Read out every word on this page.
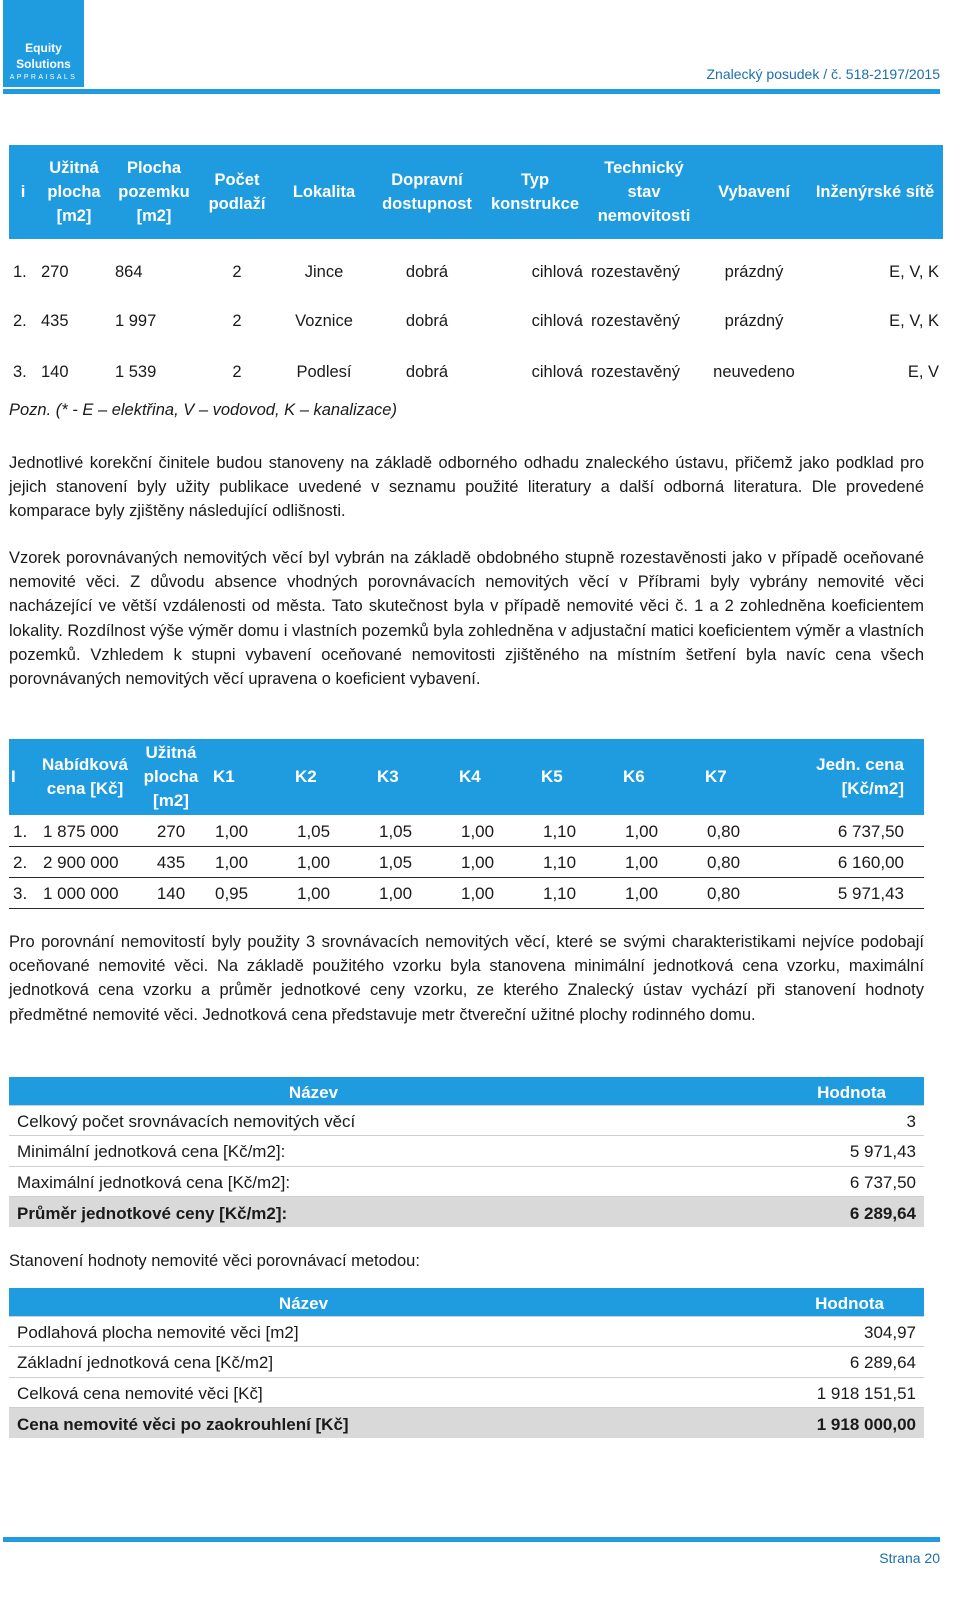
Equity
Solutions
APPRAISALS	Znalecký posudek / č. 518-2197/2015
i	Užitná plocha [m2]	Plocha pozemku [m2]	Počet podlaží	Lokalita	Dopravní dostupnost	Typ konstrukce	Technický stav nemovitosti	Vybavení	Inženýrské sítě
1.	270	864	2	Jince	dobrá	cihlová	rozestavěný	prázdný	E, V, K
2.	435	1 997	2	Voznice	dobrá	cihlová	rozestavěný	prázdný	E, V, K
3.	140	1 539	2	Podlesí	dobrá	cihlová	rozestavěný	neuvedeno	E, V
Pozn. (* - E – elektřina, V – vodovod, K – kanalizace)

Jednotlivé korekční činitele budou stanoveny na základě odborného odhadu znaleckého ústavu, přičemž jako podklad pro jejich stanovení byly užity publikace uvedené v seznamu použité literatury a další odborná literatura. Dle provedené komparace byly zjištěny následující odlišnosti.

Vzorek porovnávaných nemovitých věcí byl vybrán na základě obdobného stupně rozestavěnosti jako v případě oceňované nemovité věci. Z důvodu absence vhodných porovnávacích nemovitých věcí v Příbrami byly vybrány nemovité věci nacházející ve větší vzdálenosti od města. Tato skutečnost byla v případě nemovité věci č. 1 a 2 zohledněna koeficientem lokality. Rozdílnost výše výměr domu i vlastních pozemků byla zohledněna v adjustační matici koeficientem výměr a vlastních pozemků. Vzhledem k stupni vybavení oceňované nemovitosti zjištěného na místním šetření byla navíc cena všech porovnávaných nemovitých věcí upravena o koeficient vybavení.

I	Nabídková cena [Kč]	Užitná plocha [m2]	K1	K2	K3	K4	K5	K6	K7	Jedn. cena [Kč/m2]
1.	1 875 000	270	1,00	1,05	1,05	1,00	1,10	1,00	0,80	6 737,50
2.	2 900 000	435	1,00	1,00	1,05	1,00	1,10	1,00	0,80	6 160,00
3.	1 000 000	140	0,95	1,00	1,00	1,00	1,10	1,00	0,80	5 971,43

Pro porovnání nemovitostí byly použity 3 srovnávacích nemovitých věcí, které se svými charakteristikami nejvíce podobají oceňované nemovité věci. Na základě použitého vzorku byla stanovena minimální jednotková cena vzorku, maximální jednotková cena vzorku a průměr jednotkové ceny vzorku, ze kterého Znalecký ústav vychází při stanovení hodnoty předmětné nemovité věci. Jednotková cena představuje metr čtvereční užitné plochy rodinného domu.

Název	Hodnota
Celkový počet srovnávacích nemovitých věcí	3
Minimální jednotková cena [Kč/m2]:	5 971,43
Maximální jednotková cena [Kč/m2]:	6 737,50
Průměr jednotkové ceny [Kč/m2]:	6 289,64

Stanovení hodnoty nemovité věci porovnávací metodou:

Název	Hodnota
Podlahová plocha nemovité věci [m2]	304,97
Základní jednotková cena [Kč/m2]	6 289,64
Celková cena nemovité věci [Kč]	1 918 151,51
Cena nemovité věci po zaokrouhlení [Kč]	1 918 000,00
Strana 20
